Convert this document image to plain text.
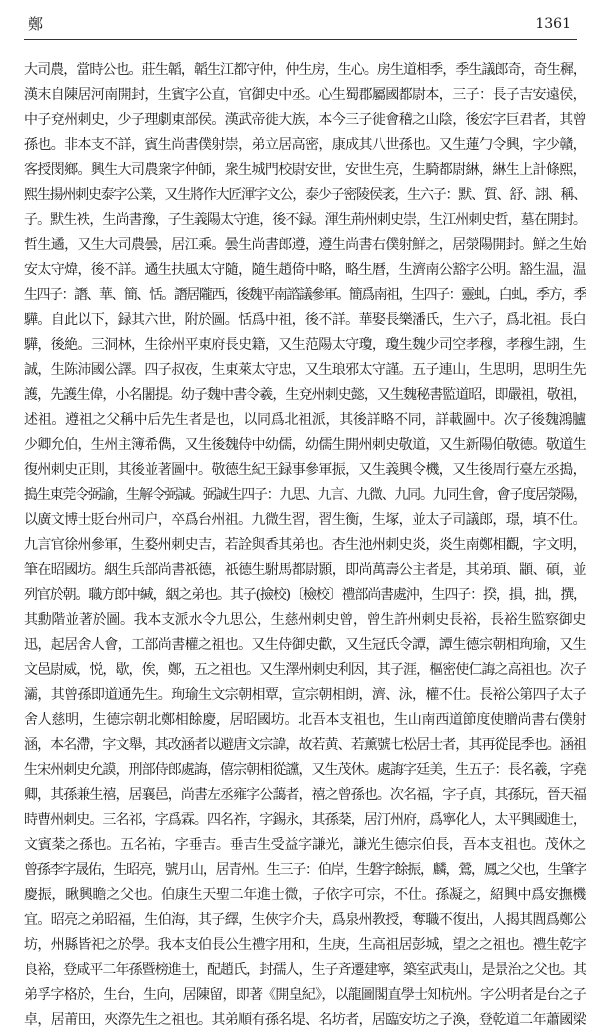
鄭	1361
大司農，當時公也。莊生韜，韜生江都守仲，仲生房，生心。房生道相季，季生議郎奇，奇生穉，
漢末自陳居河南開封，生賓字公直，官御史中丞。心生蜀郡屬國都尉本，三子：長子吉安遠侯，
中子兗州刺史，少子理劇東部侯。漢武帝徙大族，本今三子徙會稽之山陰，後宏字巨君者，其曾
孫也。非本支不詳，賓生尚書僕射崇，弟立居高密，康成其八世孫也。又生蓮勹令興，字少贛，
客授閔鄉。興生大司農衆字仲師，衆生城門校尉安世，安世生亮，生騎都尉綝，綝生上計條熙，
熙生揚州刺史泰字公業，又生將作大匠渾字文公，泰少子密陵侯袤，生六子：默、質、舒、詡、稱、
子。默生袟，生尚書豫，子生義陽太守進，後不録。渾生荊州刺史崇，生江州刺史哲，墓在開封。
哲生遹，又生大司農曇，居江乘。曇生尚書郎遵，遵生尚書右僕射鮮之，居滎陽開封。鮮之生始
安太守煒，後不詳。遹生扶風太守隨，隨生趙倚中略，略生暦，生濟南公豁字公明。豁生温，温
生四子：譖、華、簡、恬。譖居隴西，後魏平南諮議參軍。簡爲南祖，生四子：靈虬，白虬，季方，季
驊。自此以下，録其六世，附於圖。恬爲中祖，後不詳。華娶長樂潘氏，生六子，爲北祖。長白
驊，後絶。三洞林，生徐州平東府長史籍，又生范陽太守瓊，瓊生魏少司空孝穆，孝穆生詡，生
誠，生陈沛國公譯。四子叔夜，生東萊太守忠，又生琅邪太守謹。五子連山，生思明，思明生先
護，先護生偉，小名闍提。幼子魏中書令羲，生兗州刺史懿，又生魏秘書監道昭，即嚴祖，敬祖，
述祖。遵祖之父稱中后先生者是也，以同爲北祖派，其後詳略不同，詳載圖中。次子後魏鴻臚
少卿允伯，生州主簿希儁，又生後魏侍中幼儒，幼儒生開州刺史敬道，又生新陽伯敬德。敬道生
復州刺史正則，其後並著圖中。敬德生紀王録事參軍振，又生義興令機，又生後周行臺左丞搗，
搗生東莞令弼諭，生解令弼諴。弼誠生四子：九思、九言、九微、九同。九同生會，會子度居滎陽，
以廣文博士貶台州司户，卒爲台州祖。九微生習，習生衡，生塚，並太子司議郎，璟，填不仕。
九言官徐州參軍，生婺州刺史吉，若詮與香其弟也。杏生池州刺史炎，炎生南鄭相觀，字文明，
筆在昭國坊。絪生兵部尚書祇德，祇德生駙馬都尉顥，即尚萬壽公主者是，其弟頊、顓、碩，並
列官於朝。職方郎中緘，絪之弟也。其子(撿校)〔檢校〕禮部尚書處沖，生四子：揆，損，拙，撰，
其勳階並著於圖。我本支派水令九思公，生慈州刺史曾，曾生許州刺史長裕，長裕生監察御史
迅，起居舍人會，工部尚書權之祖也。又生侍御史歡，又生冠氏令譚，譚生德宗朝相珣瑜，又生
文邑尉威，悦，歇，俟，鄭，五之祖也。又生澤州刺史利因，其子涯，樞密使仁誨之高祖也。次子
灞，其曾孫即道通先生。珣瑜生文宗朝相覃，宣宗朝相朗，濟、泳，權不仕。長裕公第四子太子
舍人慈明，生德宗朝北鄭相餘慶，居昭國坊。北吾本支祖也，生山南西道節度使贈尚書右僕射
涵，本名滯，字文舉，其改涵者以避唐文宗諱，故若黄、若薰號七松居士者，其再從昆季也。涵祖
生宋州刺史允謨，刑部侍郎處誨，僖宗朝相從讜，又生茂休。處誨字廷美，生五子：長名羲，字堯
卿，其孫兼生禧，居襄邑，尚書左丞雍字公藹者，禧之曾孫也。次名福，字子貞，其孫玩，晉天福
時曹州刺史。三名祁，字爲霖。四名祚，字錫永，其孫棻，居汀州府，爲寧化人，太平興國進士，
文賓棻之孫也。五名祐，字垂吉。垂吉生受益字謙光，謙光生德宗伯長，吾本支祖也。茂休之
曾孫李字晟佑，生昭亮，號月山，居青州。生三子：伯岸，生磐字餘振，麟，鶯，鳳之父也，生肇字
慶振，瞅興瞻之父也。伯康生天聖二年進士微，子依字可宗，不仕。孫凝之，紹興中爲安撫機
宜。昭亮之弟昭福，生伯海，其子繹，生俠字介夫，爲泉州教授，奪職不復出，人揭其閭爲鄭公
坊，州縣皆祀之於學。我本支伯長公生禮字用和，生庚，生高祖居彭城，望之之祖也。禮生乾字
良裕，登咸平二年孫暨榜進士，配趙氏，封孺人，生子斉遷建寧，築室武夷山，是景治之父也。其
弟孚字格於，生台，生向，居陳留，即著《開皇紀》，以龍圖閣直學士知杭州。字公明者是台之子
卓，居莆田，夾漈先生之祖也。其弟順有孫名堤、名坊者，居臨安坊之子渙，登乾道二年蕭國梁
